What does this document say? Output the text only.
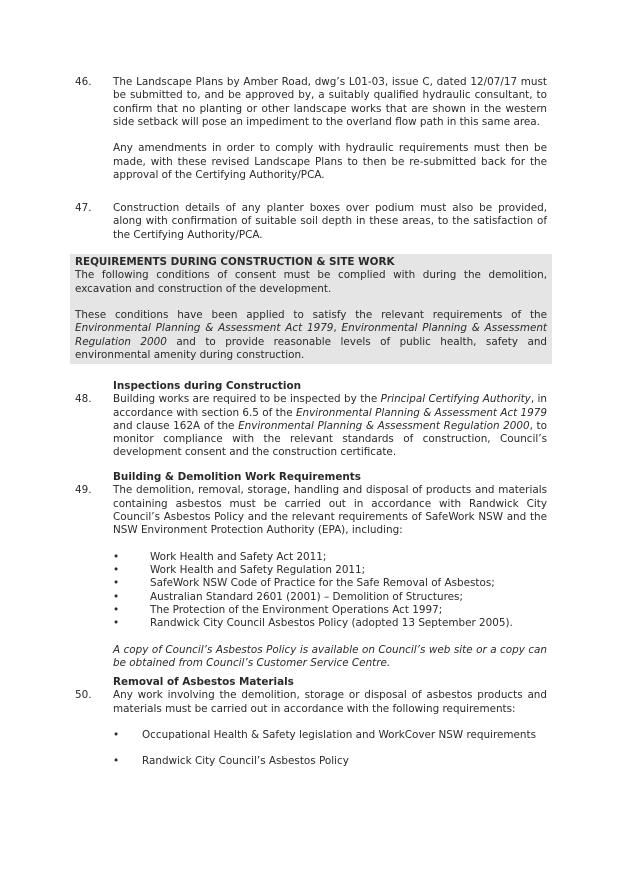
46.	The Landscape Plans by Amber Road, dwg’s L01-03, issue C, dated 12/07/17 must be submitted to, and be approved by, a suitably qualified hydraulic consultant, to confirm that no planting or other landscape works that are shown in the western side setback will pose an impediment to the overland flow path in this same area.

Any amendments in order to comply with hydraulic requirements must then be made, with these revised Landscape Plans to then be re-submitted back for the approval of the Certifying Authority/PCA.

47.	Construction details of any planter boxes over podium must also be provided, along with confirmation of suitable soil depth in these areas, to the satisfaction of the Certifying Authority/PCA.

REQUIREMENTS DURING CONSTRUCTION & SITE WORK

The following conditions of consent must be complied with during the demolition, excavation and construction of the development.

These conditions have been applied to satisfy the relevant requirements of the Environmental Planning & Assessment Act 1979, Environmental Planning & Assessment Regulation 2000 and to provide reasonable levels of public health, safety and environmental amenity during construction.

Inspections during Construction

48.	Building works are required to be inspected by the Principal Certifying Authority, in accordance with section 6.5 of the Environmental Planning & Assessment Act 1979 and clause 162A of the Environmental Planning & Assessment Regulation 2000, to monitor compliance with the relevant standards of construction, Council’s development consent and the construction certificate.

Building & Demolition Work Requirements

49.	The demolition, removal, storage, handling and disposal of products and materials containing asbestos must be carried out in accordance with Randwick City Council’s Asbestos Policy and the relevant requirements of SafeWork NSW and the NSW Environment Protection Authority (EPA), including:

• Work Health and Safety Act 2011;
• Work Health and Safety Regulation 2011;
• SafeWork NSW Code of Practice for the Safe Removal of Asbestos;
• Australian Standard 2601 (2001) – Demolition of Structures;
• The Protection of the Environment Operations Act 1997;
• Randwick City Council Asbestos Policy (adopted 13 September 2005).

A copy of Council’s Asbestos Policy is available on Council’s web site or a copy can be obtained from Council’s Customer Service Centre.

Removal of Asbestos Materials

50.	Any work involving the demolition, storage or disposal of asbestos products and materials must be carried out in accordance with the following requirements:

• Occupational Health & Safety legislation and WorkCover NSW requirements
• Randwick City Council’s Asbestos Policy
